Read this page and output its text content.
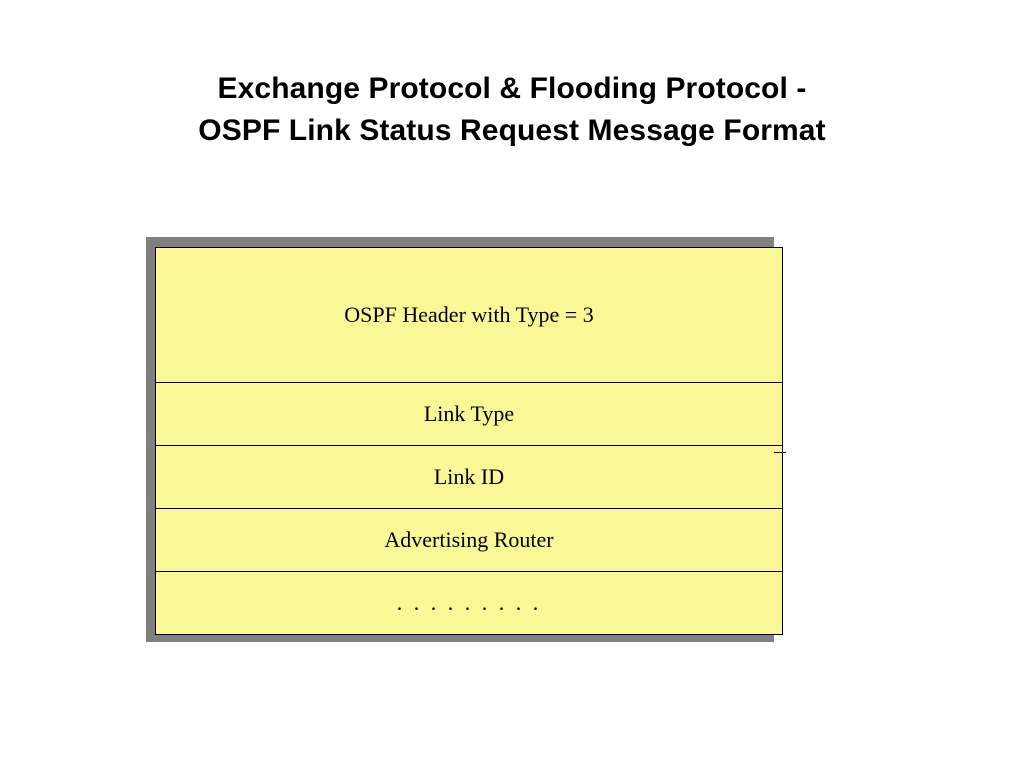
Exchange Protocol & Flooding Protocol -
OSPF Link Status Request Message Format
OSPF Header with Type = 3
Link Type
Link ID
Advertising Router
. . . . . . . . .
